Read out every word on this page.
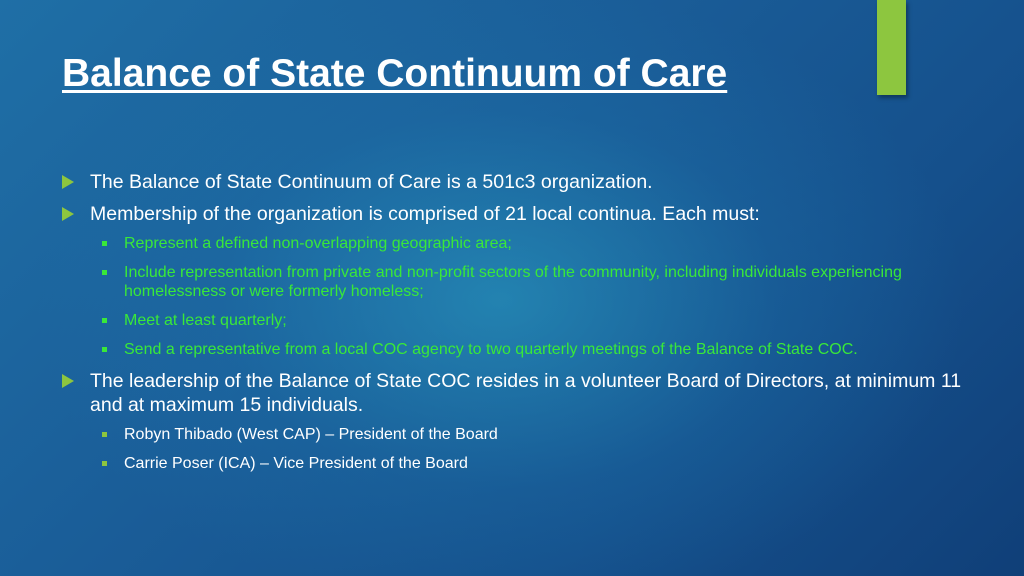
Balance of State Continuum of Care
The Balance of State Continuum of Care is a 501c3 organization.
Membership of the organization is comprised of 21 local continua. Each must:
Represent a defined non-overlapping geographic area;
Include representation from private and non-profit sectors of the community, including individuals experiencing homelessness or were formerly homeless;
Meet at least quarterly;
Send a representative from a local COC agency to two quarterly meetings of the Balance of State COC.
The leadership of the Balance of State COC resides in a volunteer Board of Directors, at minimum 11 and at maximum 15 individuals.
Robyn Thibado (West CAP) – President of the Board
Carrie Poser (ICA) – Vice President of the Board
